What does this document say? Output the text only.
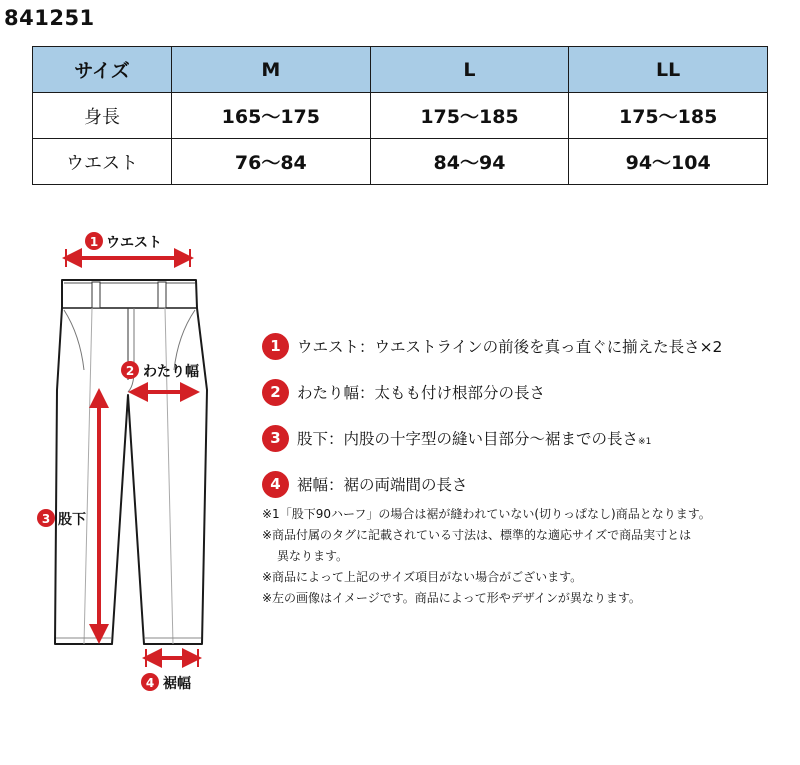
841251
サイズ	M	L	LL
身長	165〜175	175〜185	175〜185
ウエスト	76〜84	84〜94	94〜104
1 ウエスト
2 わたり幅
3 股下
4 裾幅
1	ウエスト：ウエストラインの前後を真っ直ぐに揃えた長さ×2
2	わたり幅：太もも付け根部分の長さ
3	股下：内股の十字型の縫い目部分〜裾までの長さ※1
4	裾幅：裾の両端間の長さ
※1「股下90ハーフ」の場合は裾が縫われていない(切りっぱなし)商品となります。
※商品付属のタグに記載されている寸法は、標準的な適応サイズで商品実寸とは
異なります。
※商品によって上記のサイズ項目がない場合がございます。
※左の画像はイメージです。商品によって形やデザインが異なります。
